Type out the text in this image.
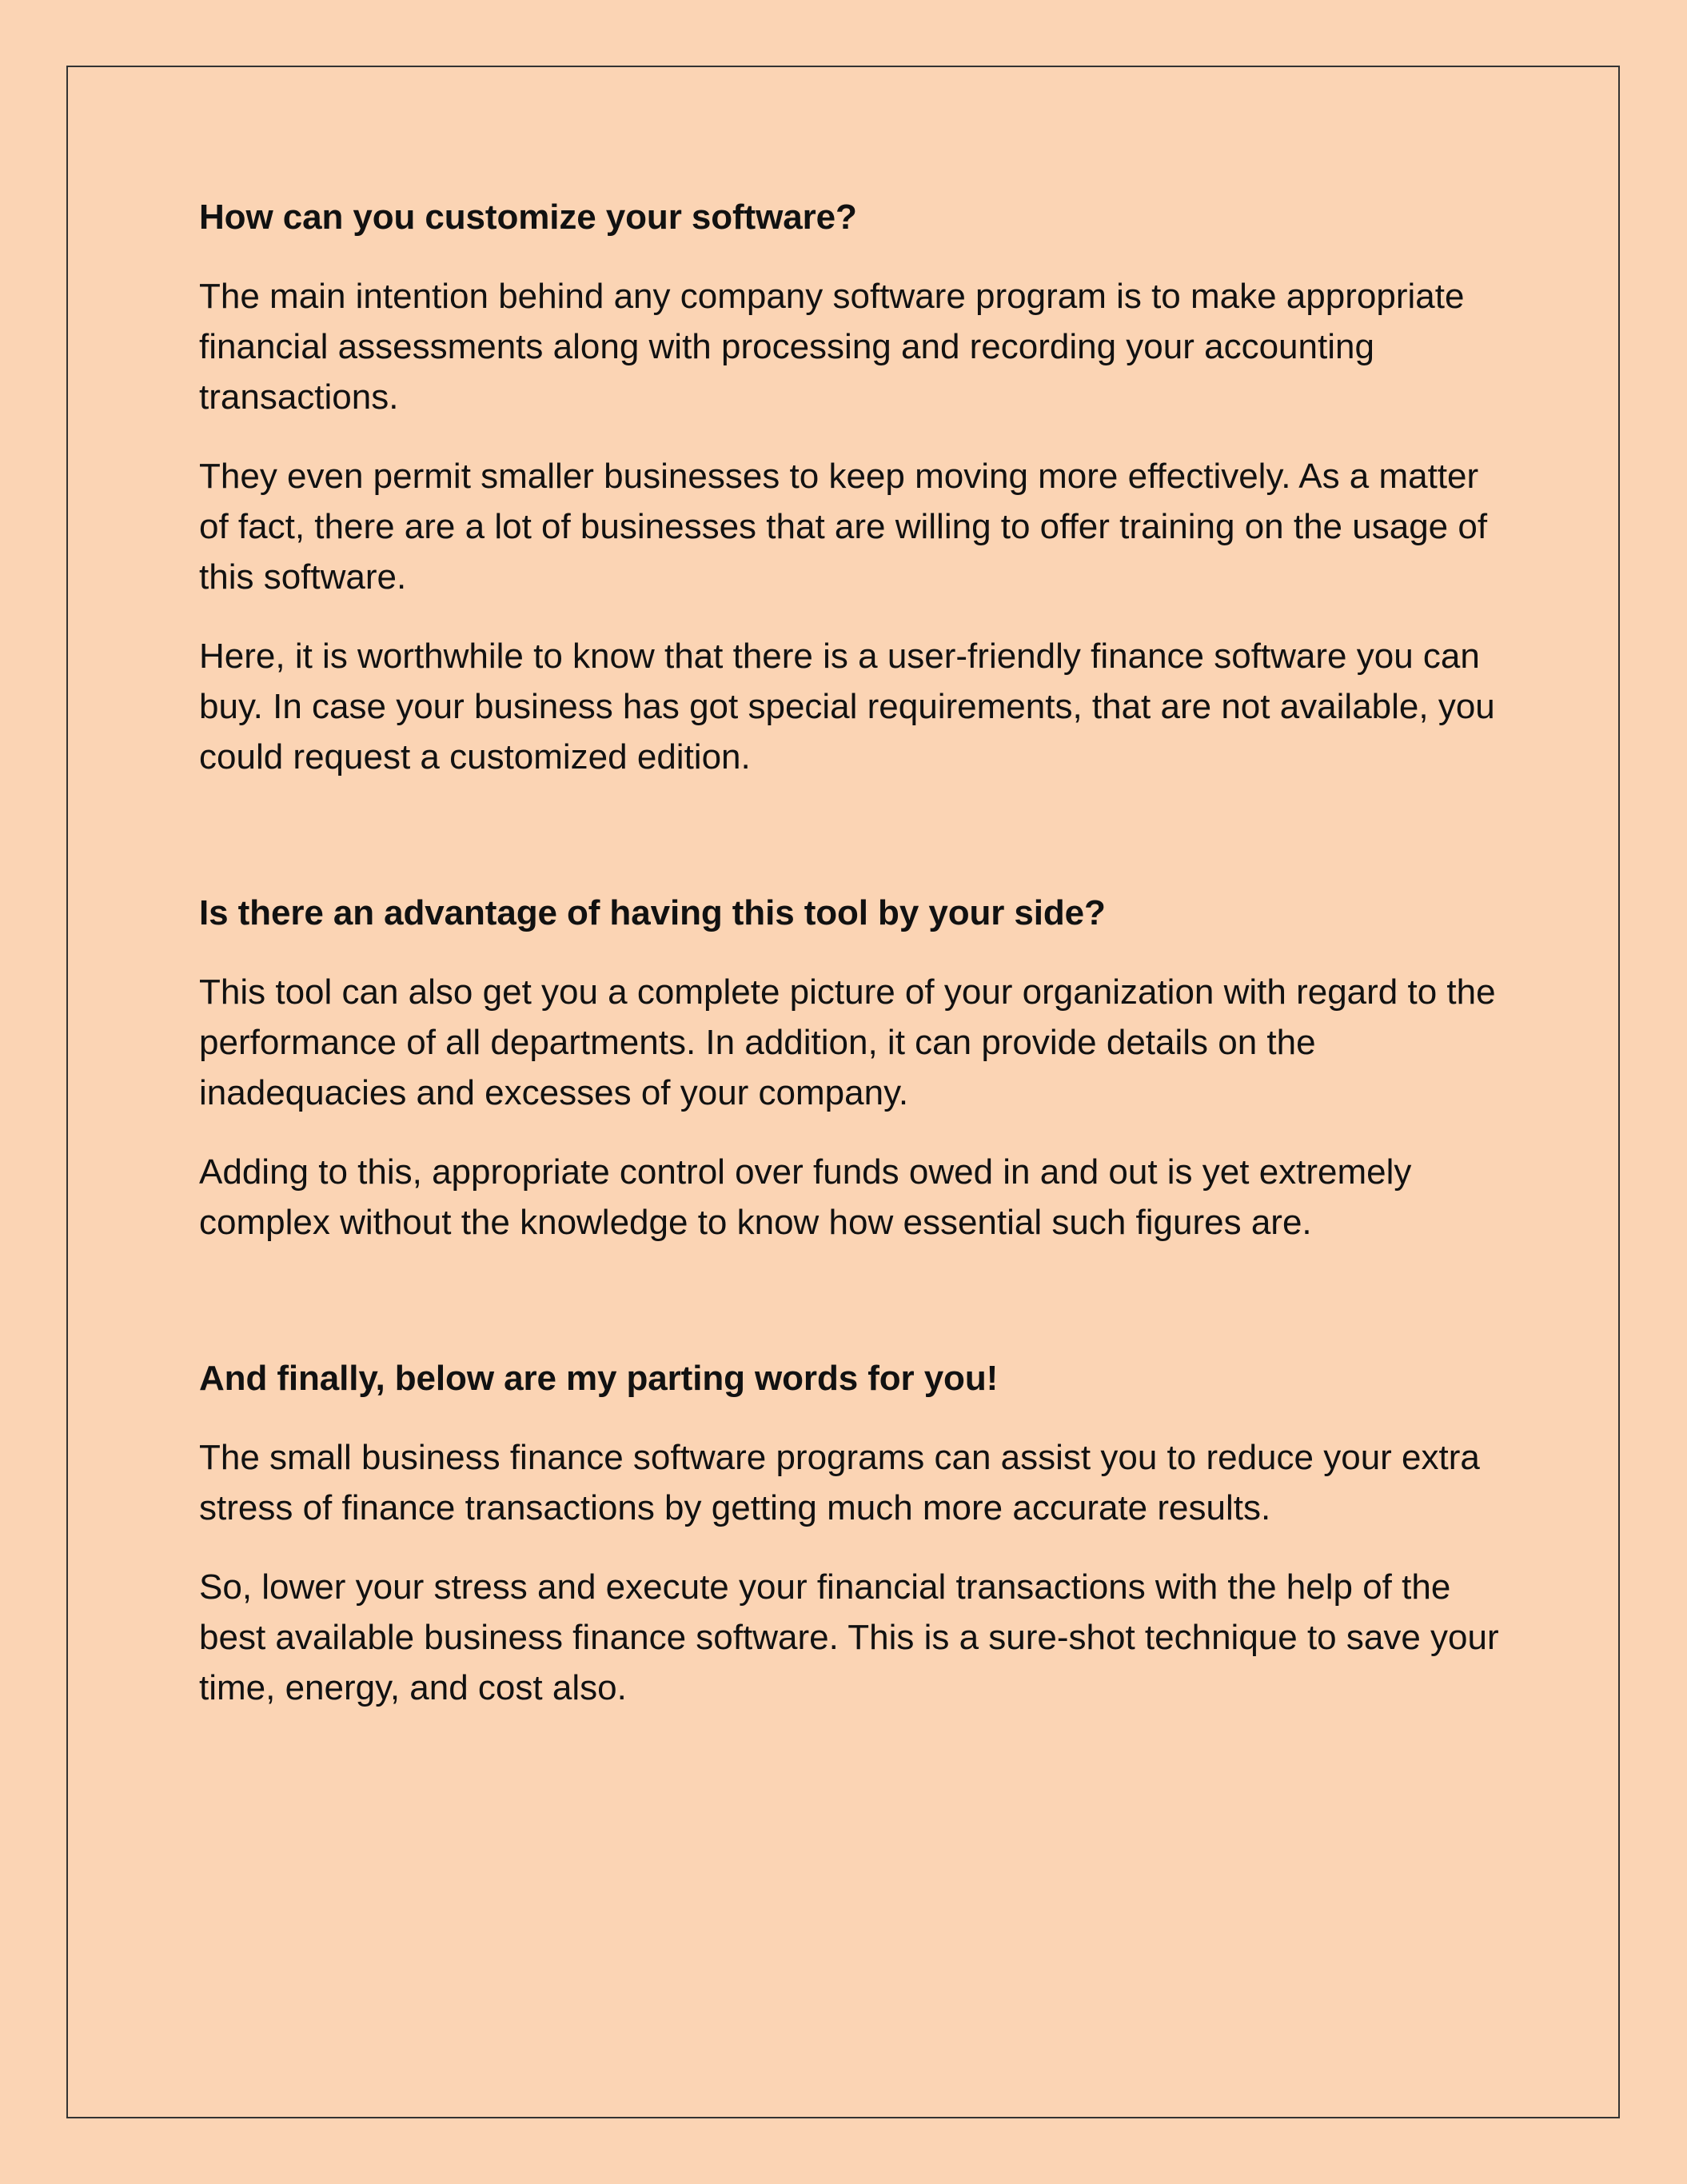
How can you customize your software?

The main intention behind any company software program is to make appropriate financial assessments along with processing and recording your accounting transactions.

They even permit smaller businesses to keep moving more effectively. As a matter of fact, there are a lot of businesses that are willing to offer training on the usage of this software.

Here, it is worthwhile to know that there is a user-friendly finance software you can buy. In case your business has got special requirements, that are not available, you could request a customized edition.

Is there an advantage of having this tool by your side?

This tool can also get you a complete picture of your organization with regard to the performance of all departments. In addition, it can provide details on the inadequacies and excesses of your company.

Adding to this, appropriate control over funds owed in and out is yet extremely complex without the knowledge to know how essential such figures are.

And finally, below are my parting words for you!

The small business finance software programs can assist you to reduce your extra stress of finance transactions by getting much more accurate results.

So, lower your stress and execute your financial transactions with the help of the best available business finance software. This is a sure-shot technique to save your time, energy, and cost also.
